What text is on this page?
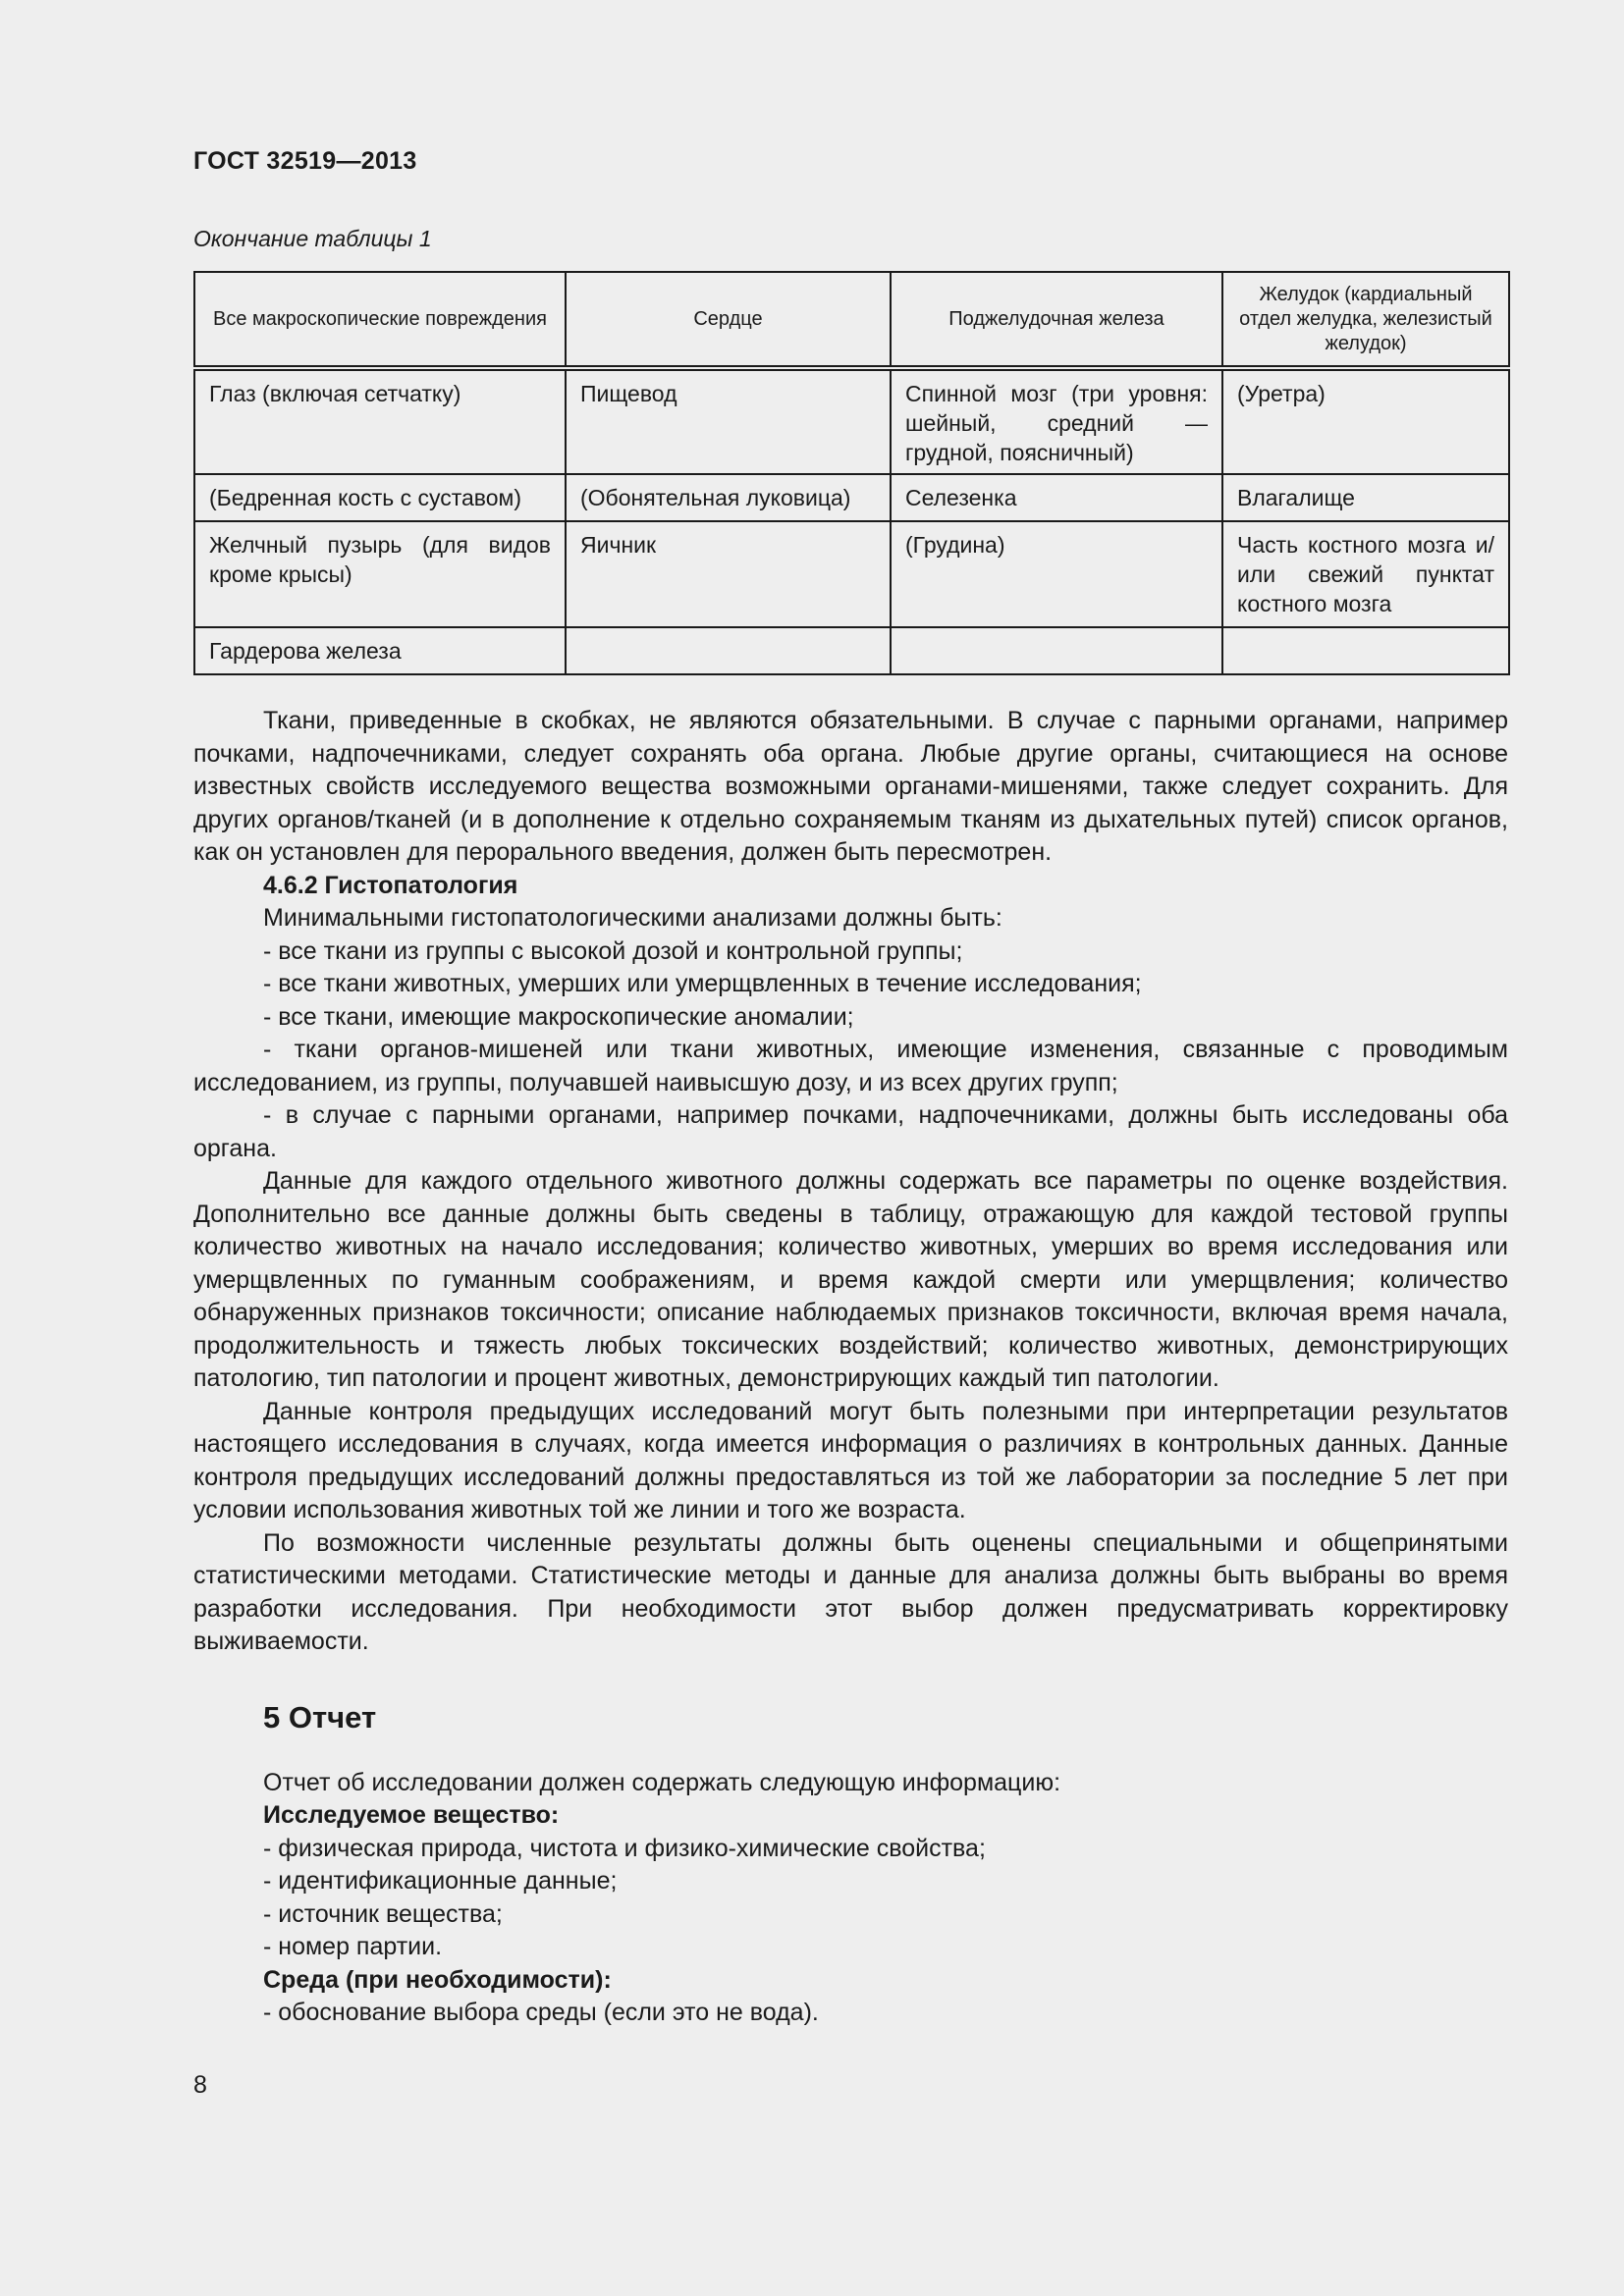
ГОСТ 32519—2013
Окончание таблицы 1
Все макроскопические повреждения	Сердце	Поджелудочная железа	Желудок (кардиальный отдел желудка, железистый желудок)
Глаз (включая сетчатку)	Пищевод	Спинной мозг (три уровня: шейный, средний — грудной, поясничный)	(Уретра)
(Бедренная кость с суставом)	(Обонятельная луковица)	Селезенка	Влагалище
Желчный пузырь (для видов кроме крысы)	Яичник	(Грудина)	Часть костного мозга и/или свежий пунктат костного мозга
Гардерова железа			

Ткани, приведенные в скобках, не являются обязательными. В случае с парными органами, например почками, надпочечниками, следует сохранять оба органа. Любые другие органы, считающиеся на основе известных свойств исследуемого вещества возможными органами-мишенями, также следует сохранить. Для других органов/тканей (и в дополнение к отдельно сохраняемым тканям из дыхательных путей) список органов, как он установлен для перорального введения, должен быть пересмотрен.

4.6.2 Гистопатология

Минимальными гистопатологическими анализами должны быть:

- все ткани из группы с высокой дозой и контрольной группы;

- все ткани животных, умерших или умерщвленных в течение исследования;

- все ткани, имеющие макроскопические аномалии;

- ткани органов-мишеней или ткани животных, имеющие изменения, связанные с проводимым исследованием, из группы, получавшей наивысшую дозу, и из всех других групп;

- в случае с парными органами, например почками, надпочечниками, должны быть исследованы оба органа.

Данные для каждого отдельного животного должны содержать все параметры по оценке воздействия. Дополнительно все данные должны быть сведены в таблицу, отражающую для каждой тестовой группы количество животных на начало исследования; количество животных, умерших во время исследования или умерщвленных по гуманным соображениям, и время каждой смерти или умерщвления; количество обнаруженных признаков токсичности; описание наблюдаемых признаков токсичности, включая время начала, продолжительность и тяжесть любых токсических воздействий; количество животных, демонстрирующих патологию, тип патологии и процент животных, демонстрирующих каждый тип патологии.

Данные контроля предыдущих исследований могут быть полезными при интерпретации результатов настоящего исследования в случаях, когда имеется информация о различиях в контрольных данных. Данные контроля предыдущих исследований должны предоставляться из той же лаборатории за последние 5 лет при условии использования животных той же линии и того же возраста.

По возможности численные результаты должны быть оценены специальными и общепринятыми статистическими методами. Статистические методы и данные для анализа должны быть выбраны во время разработки исследования. При необходимости этот выбор должен предусматривать корректировку выживаемости.

5 Отчет

Отчет об исследовании должен содержать следующую информацию:

Исследуемое вещество:

- физическая природа, чистота и физико-химические свойства;

- идентификационные данные;

- источник вещества;

- номер партии.

Среда (при необходимости):

- обоснование выбора среды (если это не вода).

8
